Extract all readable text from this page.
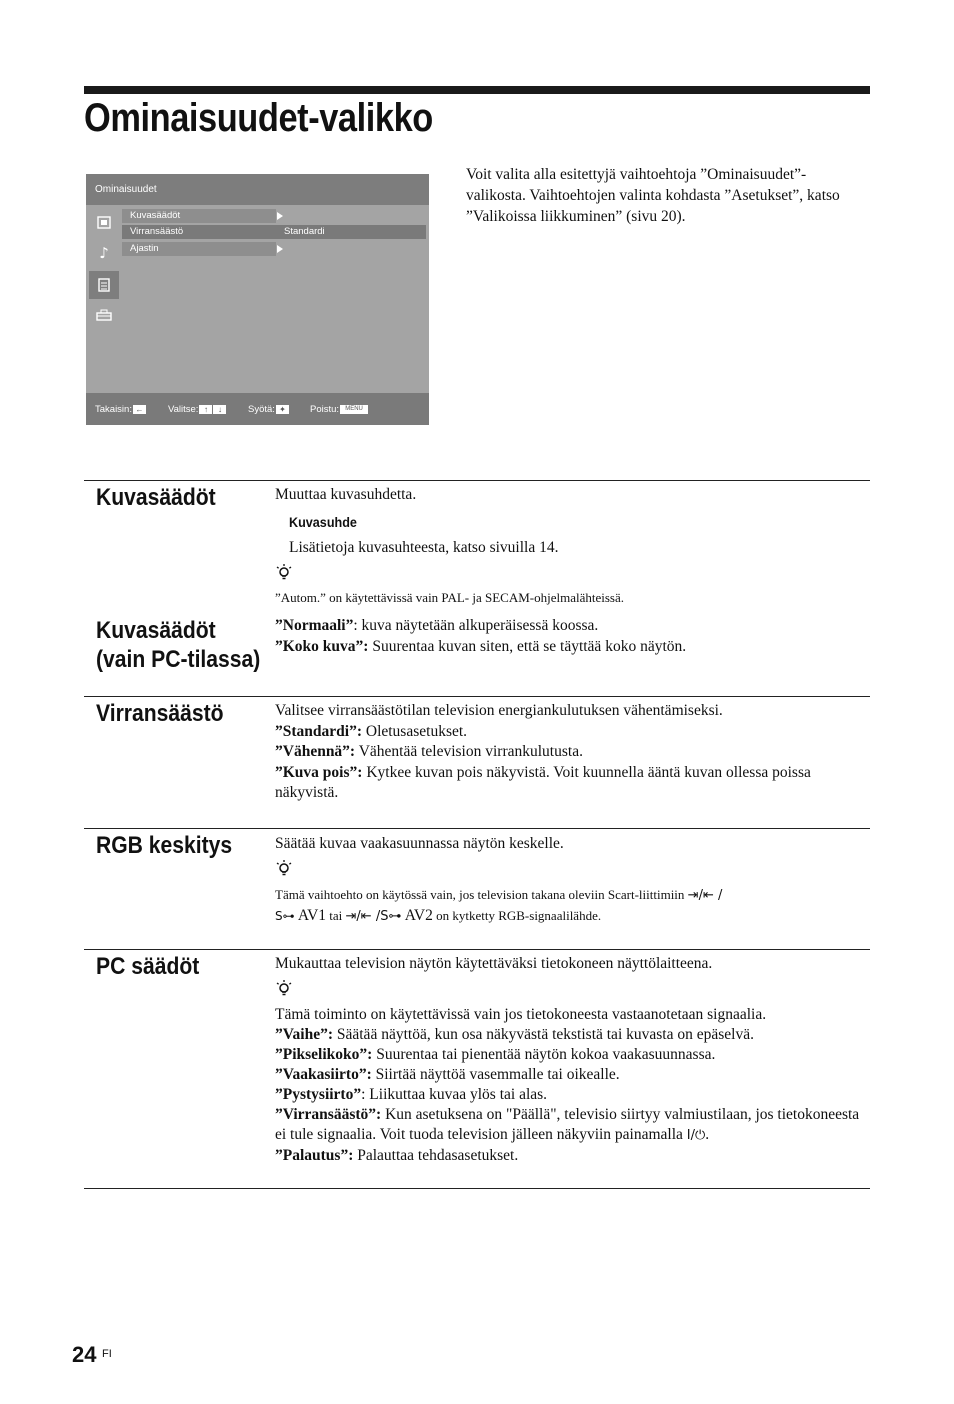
Ominaisuudet-valikko
Ominaisuudet
♪
Kuvasäädöt
Virransäästö	Standardi
Ajastin
Takaisin: ←	Valitse: ↑ ↓	Syötä: ✦	Poistu: MENU
Voit valita alla esitettyjä vaihtoehtoja ”Ominaisuudet”-valikosta. Vaihtoehtojen valinta kohdasta ”Asetukset”, katso ”Valikoissa liikkuminen” (sivu 20).
Kuvasäädöt	Muuttaa kuvasuhdetta.
Kuvasuhde
Lisätietoja kuvasuhteesta, katso sivuilla 14.
”Autom.” on käytettävissä vain PAL- ja SECAM-ohjelmalähteissä.
Kuvasäädöt
(vain PC-tilassa)
”Normaali”: kuva näytetään alkuperäisessä koossa.
”Koko kuva”: Suurentaa kuvan siten, että se täyttää koko näytön.
Virransäästö	Valitsee virransäästötilan television energiankulutuksen vähentämiseksi.
”Standardi”: Oletusasetukset.
”Vähennä”: Vähentää television virrankulutusta.
”Kuva pois”: Kytkee kuvan pois näkyvistä. Voit kuunnella ääntä kuvan ollessa poissa näkyvistä.
RGB keskitys	Säätää kuvaa vaakasuunnassa näytön keskelle.
Tämä vaihtoehto on käytössä vain, jos television takana oleviin Scart-liittimiin ⇥/⇤ /
S⊶ AV1 tai ⇥/⇤ /S⊶ AV2 on kytketty RGB-signaalilähde.
PC säädöt	Mukauttaa television näytön käytettäväksi tietokoneen näyttölaitteena.
Tämä toiminto on käytettävissä vain jos tietokoneesta vastaanotetaan signaalia.
”Vaihe”: Säätää näyttöä, kun osa näkyvästä tekstistä tai kuvasta on epäselvä.
”Pikselikoko”: Suurentaa tai pienentää näytön kokoa vaakasuunnassa.
”Vaakasiirto”: Siirtää näyttöä vasemmalle tai oikealle.
”Pystysiirto”: Liikuttaa kuvaa ylös tai alas.
”Virransäästö”: Kun asetuksena on "Päällä", televisio siirtyy valmiustilaan, jos tietokoneesta ei tule signaalia. Voit tuoda television jälleen näkyviin painamalla I/⏻.
”Palautus”: Palauttaa tehdasasetukset.
24 FI
